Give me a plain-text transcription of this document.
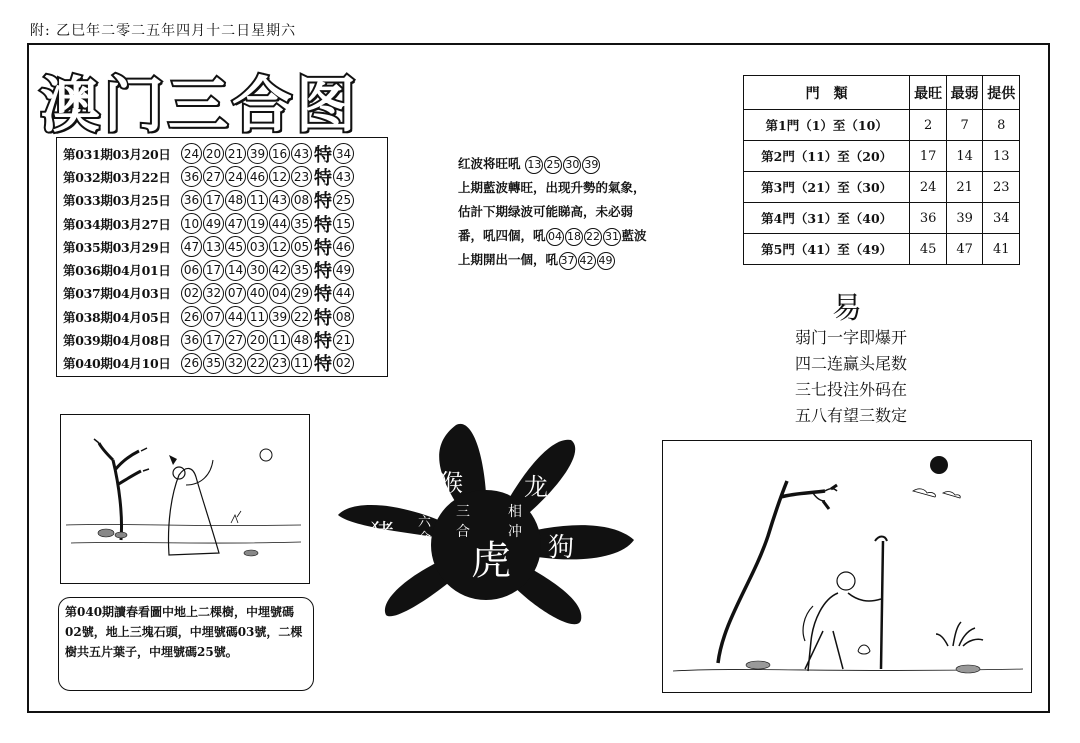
附: 乙巳年二零二五年四月十二日星期六
澳门三合图
第031期03月20日	24 20 21 39 16 43 特 34
第032期03月22日	36 27 24 46 12 23 特 43
第033期03月25日	36 17 48 11 43 08 特 25
第034期03月27日	10 49 47 19 44 35 特 15
第035期03月29日	47 13 45 03 12 05 特 46
第036期04月01日	06 17 14 30 42 35 特 49
第037期04月03日	02 32 07 40 04 29 特 44
第038期04月05日	26 07 44 11 39 22 特 08
第039期04月08日	36 17 27 20 11 48 特 21
第040期04月10日	26 35 32 22 23 11 特 02
红波将旺吼 13 25 30 39
上期藍波轉旺，出现升勢的氣象，
估計下期绿波可能睇高，未必弱
番，吼四個，吼 04 18 22 31 藍波
上期開出一個，吼 37 42 49
門　類	最旺	最弱	提供
第1門（1）至（10）	2	7	8
第2門（11）至（20）	17	14	13
第3門（21）至（30）	24	21	23
第4門（31）至（40）	36	39	34
第5門（41）至（49）	45	47	41
易
弱门一字即爆开
四二连赢头尾数
三七投注外码在
五八有望三数定
第040期讀春看圖中地上二棵樹，中埋號碼02號，地上三塊石頭，中埋號碼03號，二棵樹共五片葉子，中埋號碼25號。
猴	龙
三合
相冲
猪 六合 虎 狗
